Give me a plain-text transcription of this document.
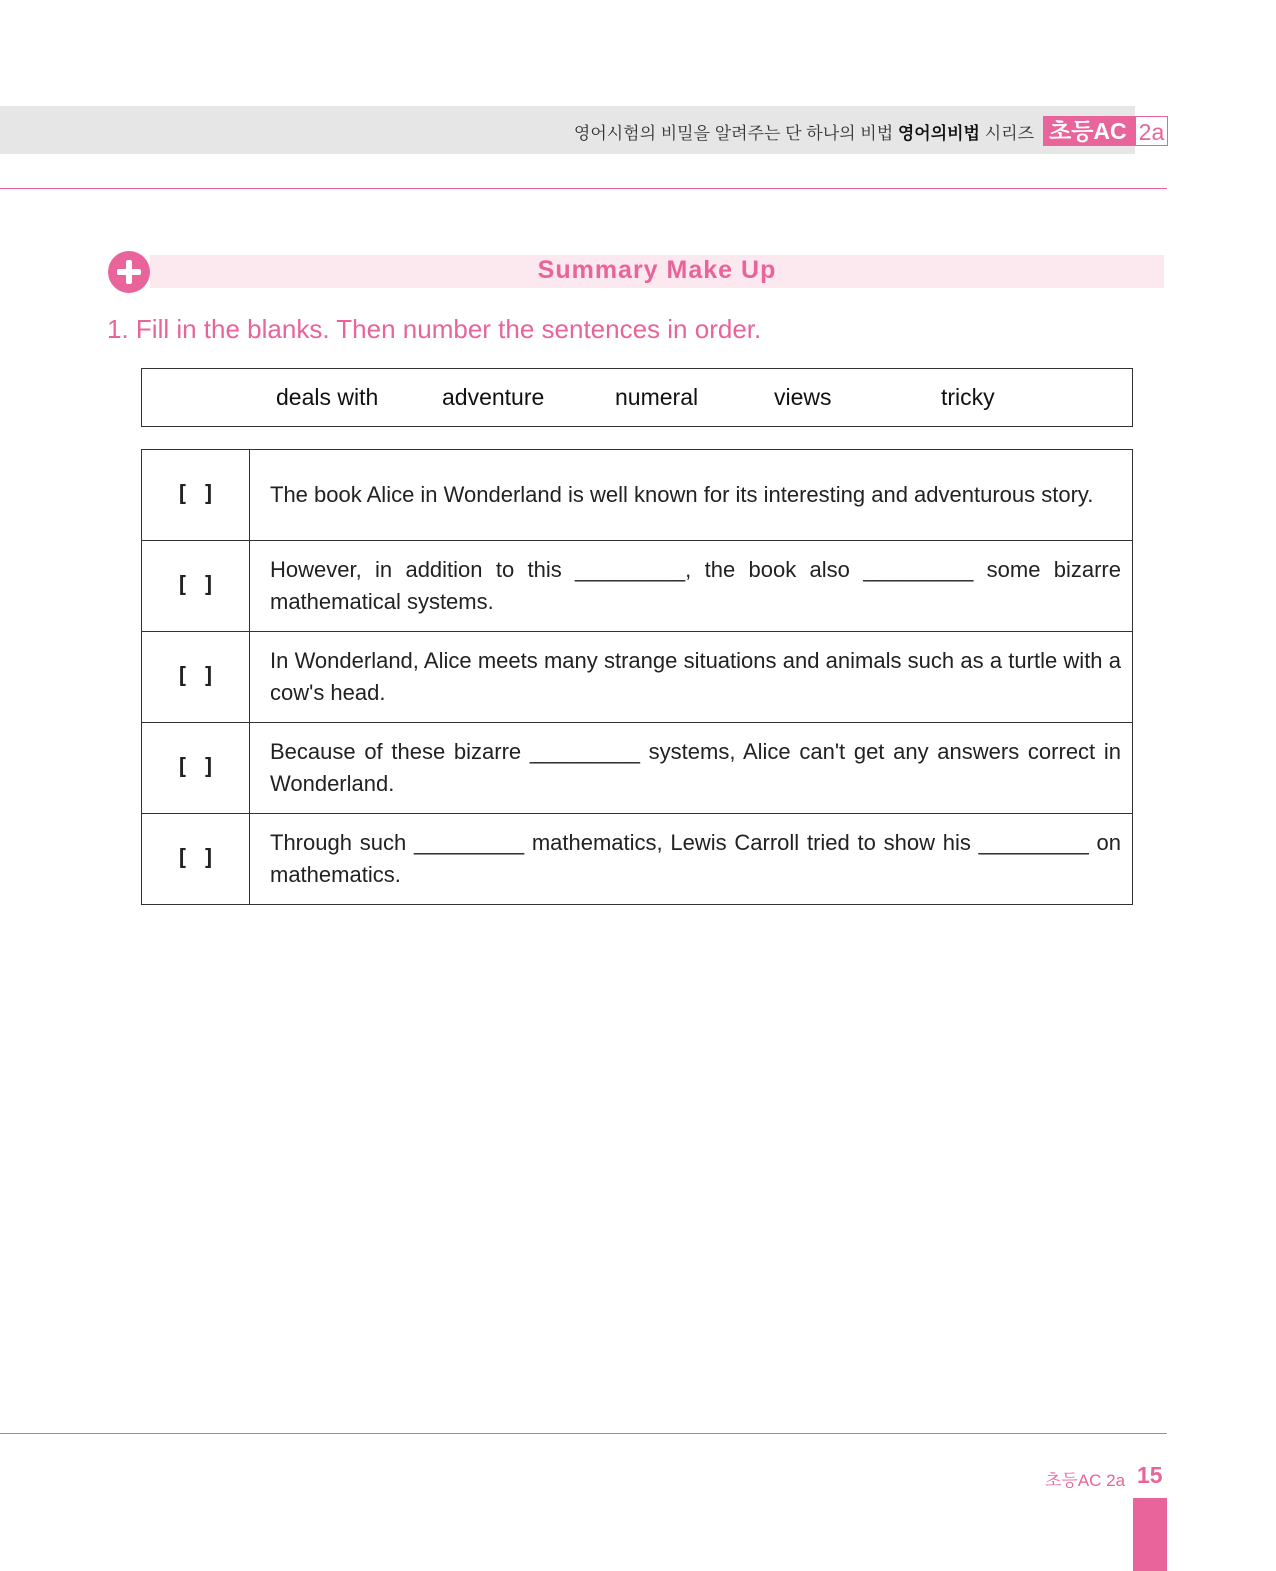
영어시험의 비밀을 알려주는 단 하나의 비법 영어의비법 시리즈 초등AC 2a
Summary Make Up
1. Fill in the blanks. Then number the sentences in order.
deals with	adventure	numeral	views	tricky
[ ]	The book Alice in Wonderland is well known for its interesting and adventurous story.
[ ]	However, in addition to this _________, the book also _________ some bizarre mathematical systems.
[ ]	In Wonderland, Alice meets many strange situations and animals such as a turtle with a cow's head.
[ ]	Because of these bizarre _________ systems, Alice can't get any answers correct in Wonderland.
[ ]	Through such _________ mathematics, Lewis Carroll tried to show his _________ on mathematics.
초등AC 2a 15
